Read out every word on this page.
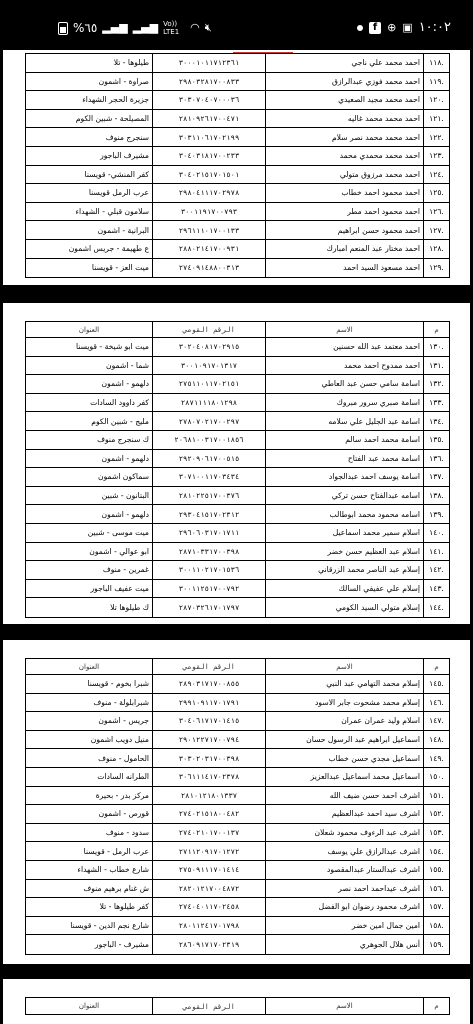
%٦٥ ▂▄▆ ▂▄▆ Vo)) LTE1 ◠ 🔇︎	f ⊕ ▣ ١٠:٠٢
١١٨.
احمد محمد علي ناجي
٣٠٠٠١٠١١٧١٢٣٦١
طيلوها - تلا
١١٩.
احمد محمد فوزي عبدالرازق
٢٩٨٠٣٢٨١٧٠٠٨٣٣
صراوة - اشمون
١٢٠.
احمد محمد مجيد الصعيدي
٣٠٣٠٧٠٤٠٧٠٠٠٣٦
جزيرة الحجر الشهداء
١٢١.
احمد محمد محمد غاليه
٢٨١٠٩٢٦١٧٠٠٤٧١
المصيلحة - شبين الكوم
١٢٢.
احمد محمد محمد نصر سلام
٣٠٣١١٠٦١٧٠٢١٩٩
سنجرج منوف
١٢٣.
احمد محمد محمدي محمد
٣٠٤٠٣١٨١٧٠٠٢٣٣
مشيرف الباجور
١٢٤.
احمد محمد مرزوق متولي
٣٠٤٠٢١٥١٧٠١٥٠١
كفر المنشي- قويسنا
١٢٥.
احمد محمود احمد خطاب
٢٩٨٠٤١١١٧٠٢٩٧٨
عرب الرمل قويسنا
١٢٦.
احمد محمود احمد مطر
٣٠٠١١٩١٧٠٠٧٩٣
سلامون قبلي - الشهداء
١٢٧.
احمد محمود حسن ابراهيم
٢٩٦١١١٠١٧٠٠١٣٣
البرانية - اشمون
١٢٨.
احمد مختار عبد المنعم امبارك
٢٨٨٠٢١٤١٧٠٠٩٣١
ع طهيمة - جريس اشمون
١٢٩.
احمد مسعود السيد احمد
٢٧٤٠٩١٤٨٨٠٠٣١٣
ميت العز - قويسنا
م
الاسم
الرقم القومي
العنوان
١٣٠.
احمد معتمد عبد الله حسنين
٣٠٢٠٤٠٨١٧٠٢٩١٥
ميت ابو شيخة - قويسنا
١٣١.
احمد ممدوح احمد محمد
٣٠٠١٠٩١٧٠١٣١٧
شما - اشمون
١٣٢.
اسامة سامي حسن عبد العاطي
٢٧٥١١٠١١٧٠٢١٥١
دلهمو - اشمون
١٣٣.
اسامة صبري سرور مبروك
٢٨٧١١١١٨٠١٢٩٨
كفر داوود السادات
١٣٤.
اسامة عبد الجليل علي سلامه
٢٧٨٠٧٠٢١٧٠٠٢٩٧
مليج - شبين الكوم
١٣٥.
اسامة محمد احمد سالم
٢٠٦٨١٠٠٣١٧٠٠١٨٥٦
ك سنجرج منوف
١٣٦.
اسامة محمد عبد الفتاح
٢٩٢٠٩٠٦١٧٠٠٥١٥
دلهمو - اشمون
١٣٧.
اسامة يوسف احمد عبدالجواد
٣٠٧١٠٠١١٧٠٣٤٣٤
سماكون اشمون
١٣٨.
اسامه عبدالفتاح حسن تركي
٢٨١٠٢٢٥١٧٠٠٣٧٦
البتانون - شبين
١٣٩.
اسامه محمود محمد ابوطالب
٢٩٣٠٤١٥١٧٠٢٣١٢
دلهمو - اشمون
١٤٠.
اسلام سمير محمد اسماعيل
٢٩٦٠٦٠٣١٧٠١٧١١
ميت موسى - شبين
١٤١.
اسلام عبد العظيم حسن خضر
٢٨٧١٠٣٣١٧٠٠٣٩٨
ابو عوالي - اشمون
١٤٢.
إسلام عبد الناصر محمد الزرقاني
٣٠٠١١٠٢١٧٠١٥٣٦
غمرين - منوف
١٤٣.
إسلام علي عفيفي السالك
٣٠٠١١٢٥١٧٠٠٧٩٢
ميت عفيف الباجور
١٤٤.
إسلام متولي السيد الكومي
٢٨٧٠٣٢٦١٧٠١٧٩٧
ك طيلوها تلا
م
الاسم
الرقم القومي
العنوان
١٤٥.
إسلام محمد التهامي عبد النبي
٢٨٩٠٣١٧١٧٠٠٨٥٥
شبرا بخوم - قويسنا
١٤٦.
إسلام محمد مشحوت جابر الاسود
٢٩٩١٠٩١١٧٠١٧٩١
شبرابلولة - منوف
١٤٧.
اسلام وليد عمران عمران
٣٠٤٠٦١٧١٧٠١٤١٥
جريس - اشمون
١٤٨.
اسماعيل ابراهيم عبد الرسول حسان
٢٩٠١٢٢٧١٧٠٠٧٩٤
منيل دويب اشمون
١٤٩.
اسماعيل مجدي حسن خطاب
٣٠٣٠٢٠٣١٧٠٠٣٩٨
الحامول - منوف
١٥٠.
اسماعيل محمد اسماعيل عبدالعزيز
٣٠٦١١١٤١٧٠٢٣٧٨
الطرانه السادات
١٥١.
اشرف احمد حسن ضيف الله
٢٨١٠١٢١٨٠١٣٣٧
مركز بدر - بحيرة
١٥٢.
اشرف سيد احمد عبدالعظيم
٢٧٤٠٢١٥١٨٠٠٤٨٢
قورص - اشمون
١٥٣.
اشرف عبد الرءوف محمود شعلان
٢٧٤٠٢١٠١٧٠٠١٣٧
سدود - منوف
١٥٤.
اشرف عبدالرازق علي يوسف
٢٧١١٢٠٩١٧٠١٢٧٢
عرب الرمل - قويسنا
١٥٥.
اشرف عبدالستار عبدالمقصود
٢٧٥٠٩١١١٧٠١٤١٤
شارع خطاب - الشهداء
١٥٦.
اشرف عيداحمد احمد نصر
٢٨٢٠١٢١٧٠٠٤٨٧٢
ش غنام برهيم منوف
١٥٧.
اشرف محمود رضوان ابو الفضل
٢٧٤٠٤٠١١٧٠٢٤٥٨
كفر طيلوها - تلا
١٥٨.
امين جمال امين خضر
٢٨٠١١٢٤١٧٠١٧٩٨
شارع نجم الدين - قويسنا
١٥٩.
أنس هلال الجوهري
٢٨٦٠٩١٧١٧٠٢٣١٩
مشيرف - الباجور
م
الاسم
الرقم القومي
العنوان
